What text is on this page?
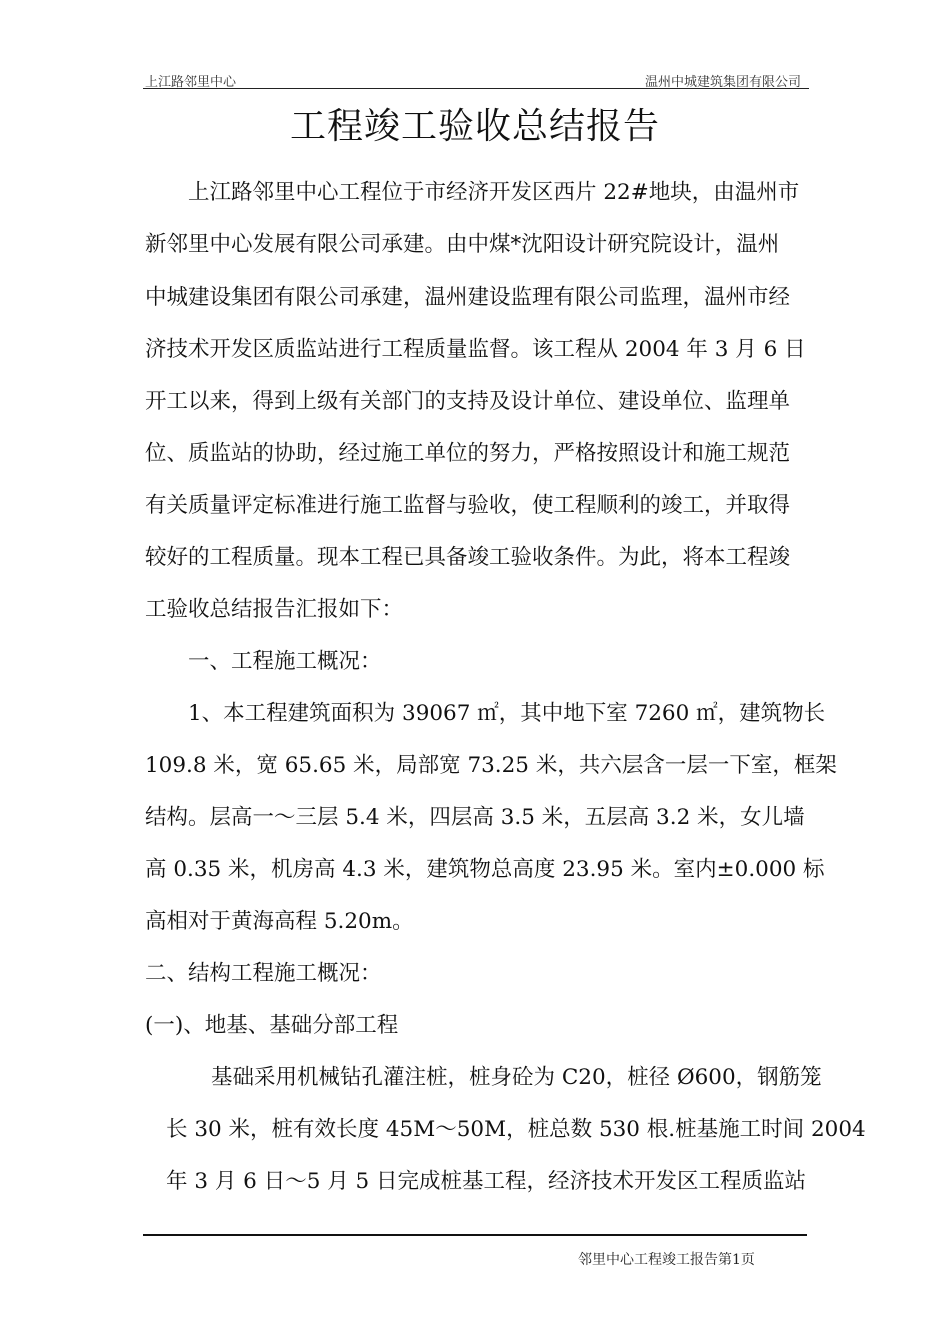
上江路邻里中心	温州中城建筑集团有限公司
工程竣工验收总结报告
上江路邻里中心工程位于市经济开发区西片 22#地块，由温州市
新邻里中心发展有限公司承建。由中煤*沈阳设计研究院设计，温州
中城建设集团有限公司承建，温州建设监理有限公司监理，温州市经
济技术开发区质监站进行工程质量监督。该工程从 2004 年 3 月 6 日
开工以来，得到上级有关部门的支持及设计单位、建设单位、监理单
位、质监站的协助，经过施工单位的努力，严格按照设计和施工规范
有关质量评定标准进行施工监督与验收，使工程顺利的竣工，并取得
较好的工程质量。现本工程已具备竣工验收条件。为此，将本工程竣
工验收总结报告汇报如下：
一、工程施工概况：
1、本工程建筑面积为 39067 ㎡，其中地下室 7260 ㎡，建筑物长
109.8 米，宽 65.65 米，局部宽 73.25 米，共六层含一层一下室，框架
结构。层高一～三层 5.4 米，四层高 3.5 米，五层高 3.2 米，女儿墙
高 0.35 米，机房高 4.3 米，建筑物总高度 23.95 米。室内±0.000 标
高相对于黄海高程 5.20m。
二、结构工程施工概况：
(一)、地基、基础分部工程
基础采用机械钻孔灌注桩，桩身砼为 C20，桩径 Ø600，钢筋笼
长 30 米，桩有效长度 45M～50M，桩总数 530 根.桩基施工时间 2004
年 3 月 6 日～5 月 5 日完成桩基工程，经济技术开发区工程质监站
邻里中心工程竣工报告第1页
